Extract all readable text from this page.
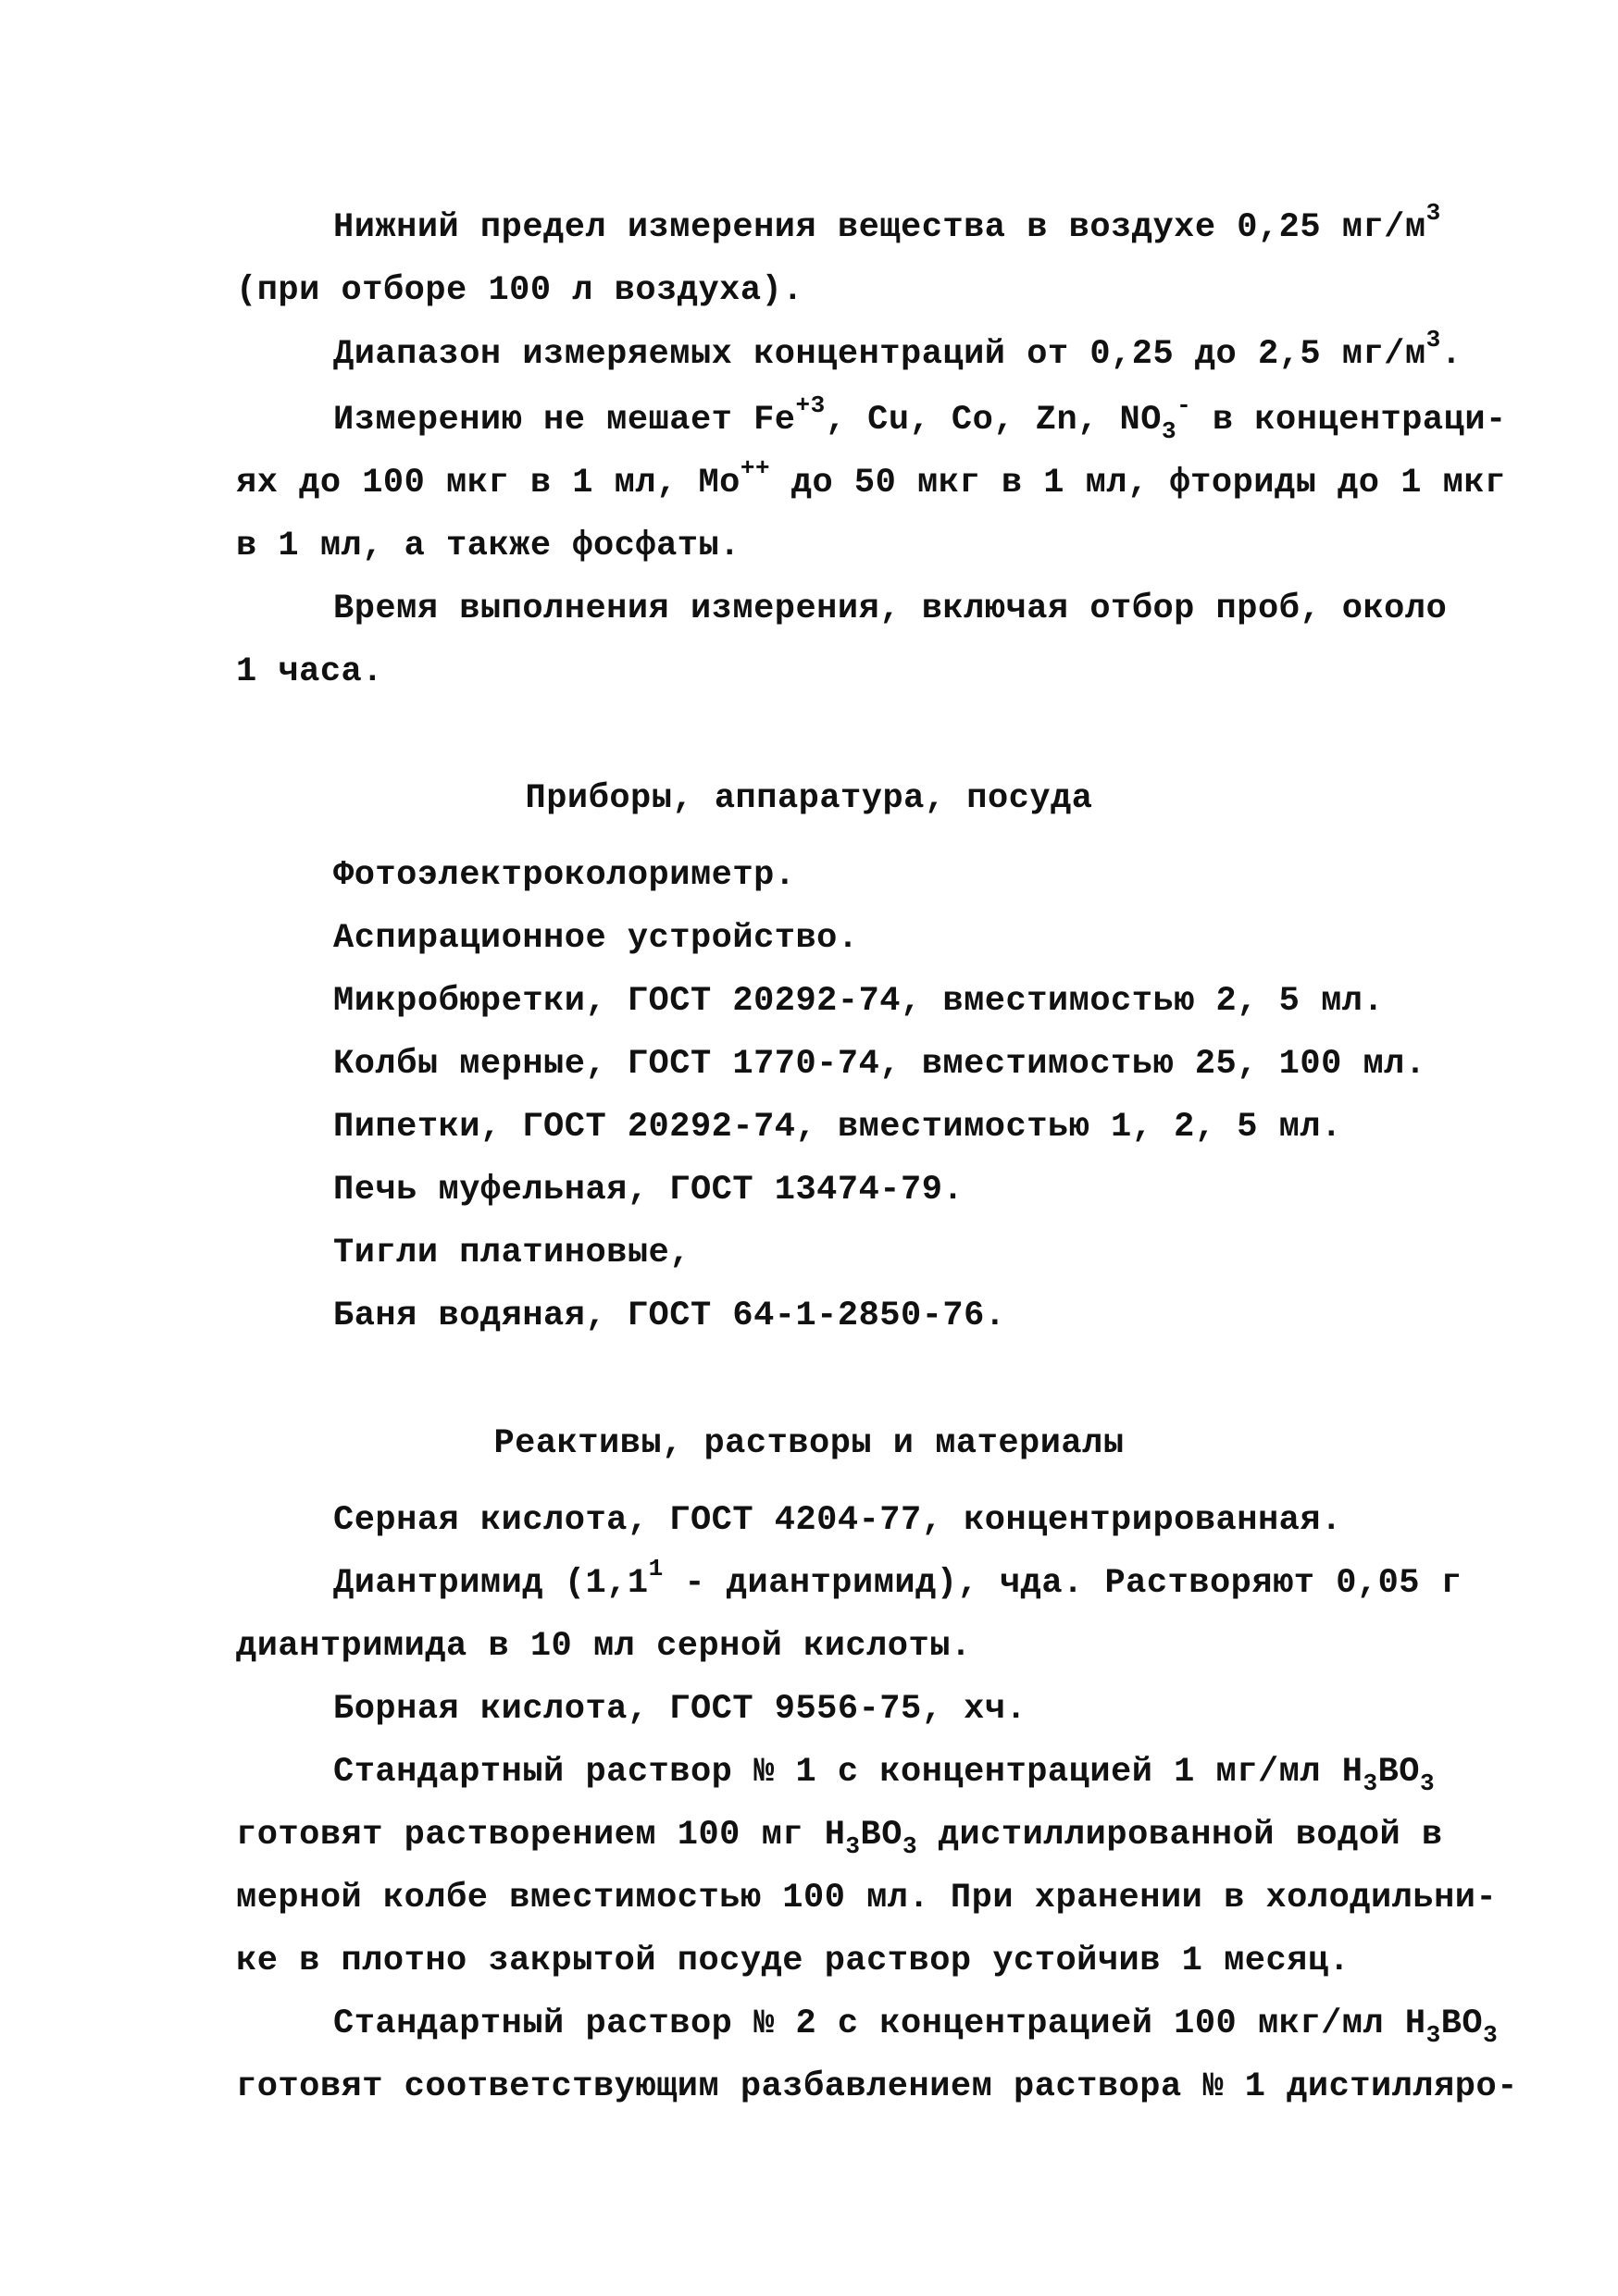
Нижний предел измерения вещества в воздухе 0,25 $мг/м^3$
(при отборе 100 л воздуха).
Диапазон измеряемых концентраций от 0,25 до 2,5 $мг/м^3$.
Измерению не мешает $Fe^{+3}$, Cu, Co, Zn, $NO_3^-$ в концентраци-
ях до 100 мкг в 1 мл, Mo++ до 50 мкг в 1 мл, фториды до 1 мкг
в 1 мл, а также фосфаты.
Время выполнения измерения, включая отбор проб, около
1 часа.
Приборы, аппаратура, посуда
Фотоэлектроколориметр.
Аспирационное устройство.
Микробюретки, ГОСТ 20292-74, вместимостью 2, 5 мл.
Колбы мерные, ГОСТ 1770-74, вместимостью 25, 100 мл.
Пипетки, ГОСТ 20292-74, вместимостью 1, 2, 5 мл.
Печь муфельная, ГОСТ 13474-79.
Тигли платиновые,
Баня водяная, ГОСТ 64-1-2850-76.
Реактивы, растворы и материалы
Серная кислота, ГОСТ 4204-77, концентрированная.
Диантримид ($1,1^1$ - диантримид), чда. Растворяют 0,05 г
диантримида в 10 мл серной кислоты.
Борная кислота, ГОСТ 9556-75, хч.
Стандартный раствор № 1 с концентрацией 1 мг/мл $H_3BO_3$
готовят растворением 100 мг $H_3BO_3$ дистиллированной водой в
мерной колбе вместимостью 100 мл. При хранении в холодильни-
ке в плотно закрытой посуде раствор устойчив 1 месяц.
Стандартный раствор № 2 с концентрацией 100 мкг/мл $H_3BO_3$
готовят соответствующим разбавлением раствора № 1 дистилляро-
